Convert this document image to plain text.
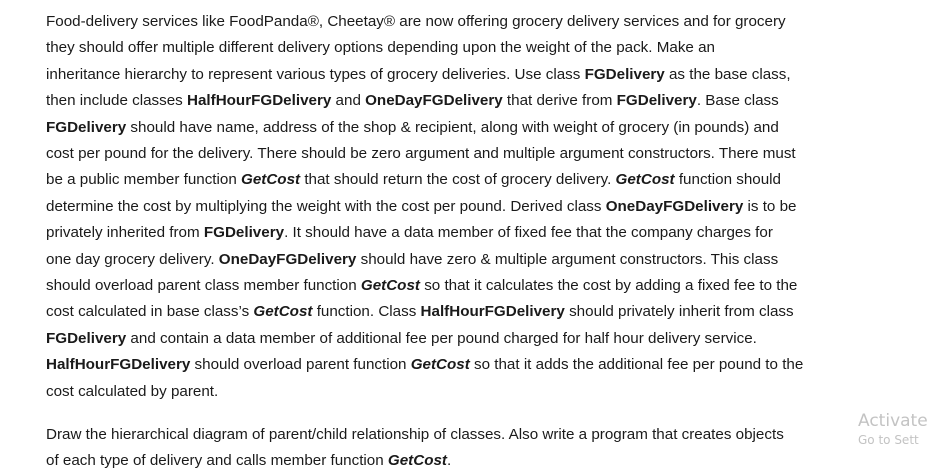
Food-delivery services like FoodPanda®, Cheetay® are now offering grocery delivery services and for grocery
they should offer multiple different delivery options depending upon the weight of the pack. Make an
inheritance hierarchy to represent various types of grocery deliveries. Use class FGDelivery as the base class,
then include classes HalfHourFGDelivery and OneDayFGDelivery that derive from FGDelivery. Base class
FGDelivery should have name, address of the shop & recipient, along with weight of grocery (in pounds) and
cost per pound for the delivery. There should be zero argument and multiple argument constructors. There must
be a public member function GetCost that should return the cost of grocery delivery. GetCost function should
determine the cost by multiplying the weight with the cost per pound. Derived class OneDayFGDelivery is to be
privately inherited from FGDelivery. It should have a data member of fixed fee that the company charges for
one day grocery delivery. OneDayFGDelivery should have zero & multiple argument constructors. This class
should overload parent class member function GetCost so that it calculates the cost by adding a fixed fee to the
cost calculated in base class’s GetCost function. Class HalfHourFGDelivery should privately inherit from class
FGDelivery and contain a data member of additional fee per pound charged for half hour delivery service.
HalfHourFGDelivery should overload parent function GetCost so that it adds the additional fee per pound to the
cost calculated by parent.

Draw the hierarchical diagram of parent/child relationship of classes. Also write a program that creates objects
of each type of delivery and calls member function GetCost.

Activate
Go to Sett
